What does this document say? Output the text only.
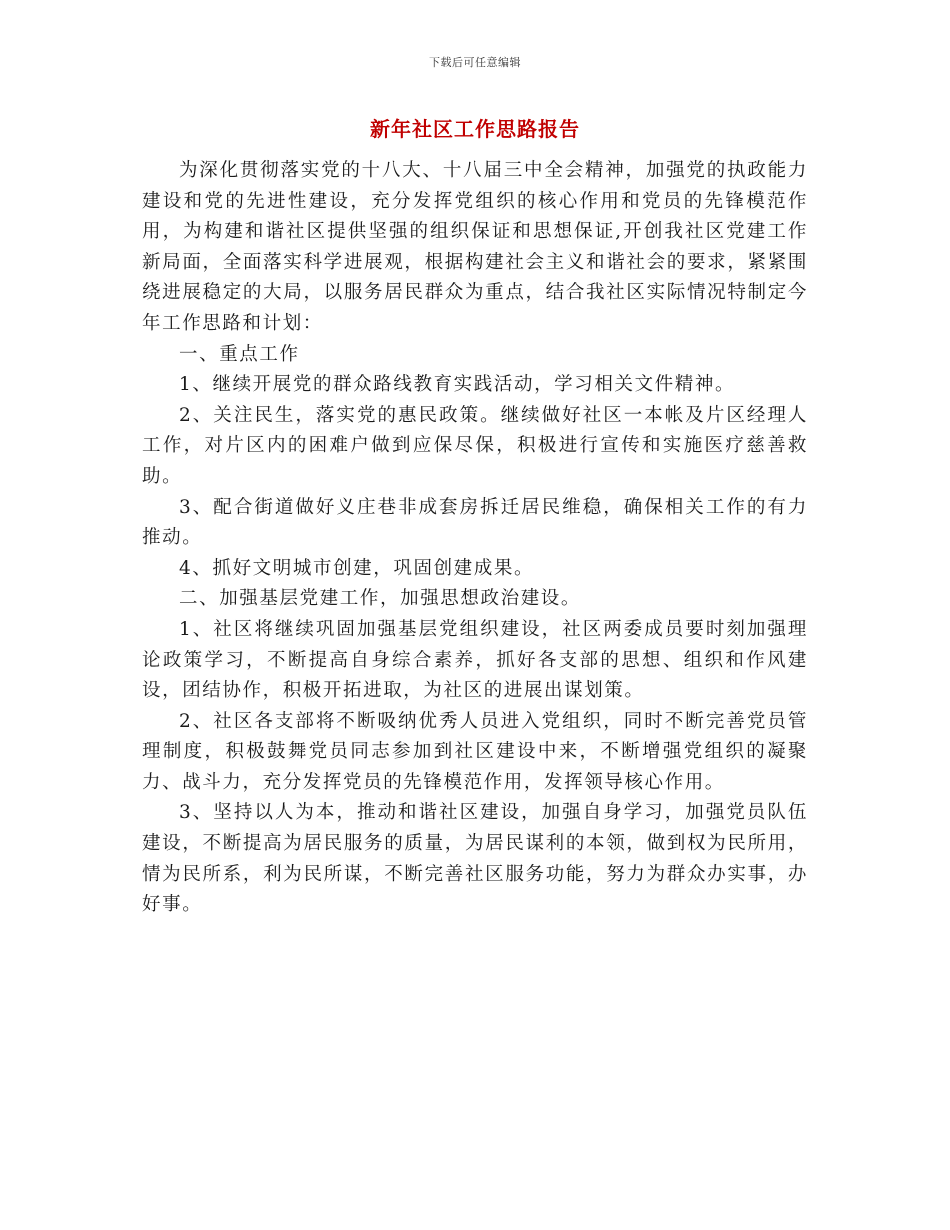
下载后可任意编辑
新年社区工作思路报告

为深化贯彻落实党的十八大、十八届三中全会精神，加强党的执政能力建设和党的先进性建设，充分发挥党组织的核心作用和党员的先锋模范作用，为构建和谐社区提供坚强的组织保证和思想保证,开创我社区党建工作新局面，全面落实科学进展观，根据构建社会主义和谐社会的要求，紧紧围绕进展稳定的大局，以服务居民群众为重点，结合我社区实际情况特制定今年工作思路和计划：

一、重点工作

1、继续开展党的群众路线教育实践活动，学习相关文件精神。

2、关注民生，落实党的惠民政策。继续做好社区一本帐及片区经理人工作，对片区内的困难户做到应保尽保，积极进行宣传和实施医疗慈善救助。

3、配合街道做好义庄巷非成套房拆迁居民维稳，确保相关工作的有力推动。

4、抓好文明城市创建，巩固创建成果。

二、加强基层党建工作，加强思想政治建设。

1、社区将继续巩固加强基层党组织建设，社区两委成员要时刻加强理论政策学习，不断提高自身综合素养，抓好各支部的思想、组织和作风建设，团结协作，积极开拓进取，为社区的进展出谋划策。

2、社区各支部将不断吸纳优秀人员进入党组织，同时不断完善党员管理制度，积极鼓舞党员同志参加到社区建设中来，不断增强党组织的凝聚力、战斗力，充分发挥党员的先锋模范作用，发挥领导核心作用。

3、坚持以人为本，推动和谐社区建设，加强自身学习，加强党员队伍建设，不断提高为居民服务的质量，为居民谋利的本领，做到权为民所用，情为民所系，利为民所谋，不断完善社区服务功能，努力为群众办实事，办好事。
